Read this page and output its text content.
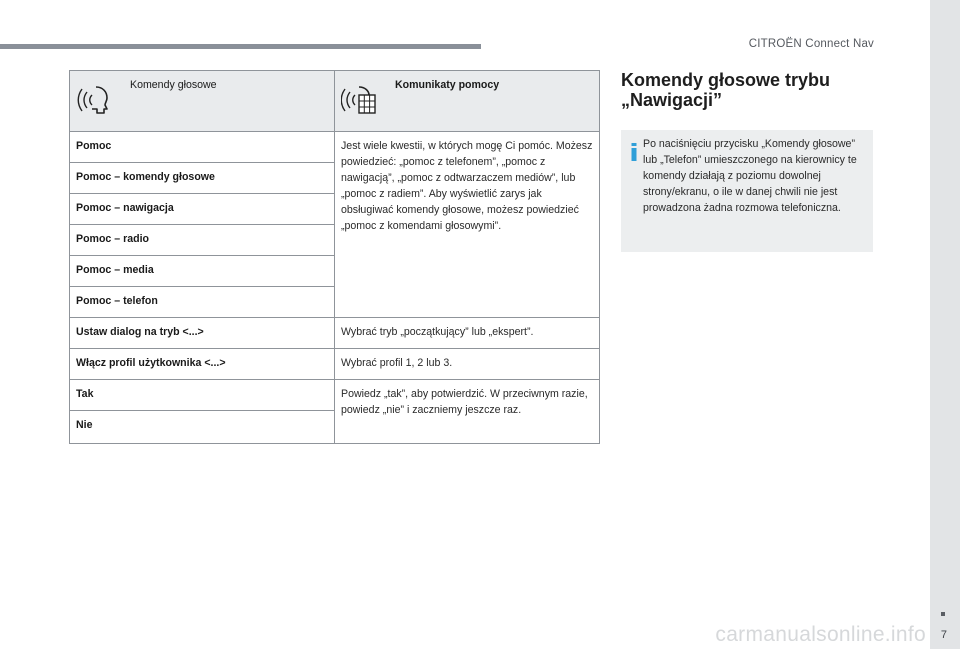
CITROËN Connect Nav
7
carmanualsonline.info
Komendy głosowe	Komunikaty pomocy

Pomoc	Jest wiele kwestii, w których mogę Ci pomóc. Możesz powiedzieć: „pomoc z telefonem”, „pomoc z nawigacją”, „pomoc z odtwarzaczem mediów”, lub „pomoc z radiem”. Aby wyświetlić zarys jak obsługiwać komendy głosowe, możesz powiedzieć „pomoc z komendami głosowymi”.
Pomoc – komendy głosowe	
Pomoc – nawigacja	
Pomoc – radio	
Pomoc – media	
Pomoc – telefon	
Ustaw dialog na tryb <...>	Wybrać tryb „początkujący” lub „ekspert”.
Włącz profil użytkownika <...>	Wybrać profil 1, 2 lub 3.
Tak	Powiedz „tak”, aby potwierdzić. W przeciwnym razie, powiedz „nie” i zaczniemy jeszcze raz.
Nie	
Komendy głosowe trybu „Nawigacji”
Po naciśnięciu przycisku „Komendy głosowe” lub „Telefon” umieszczonego na kierownicy te komendy działają z poziomu dowolnej strony/ekranu, o ile w danej chwili nie jest prowadzona żadna rozmowa telefoniczna.
